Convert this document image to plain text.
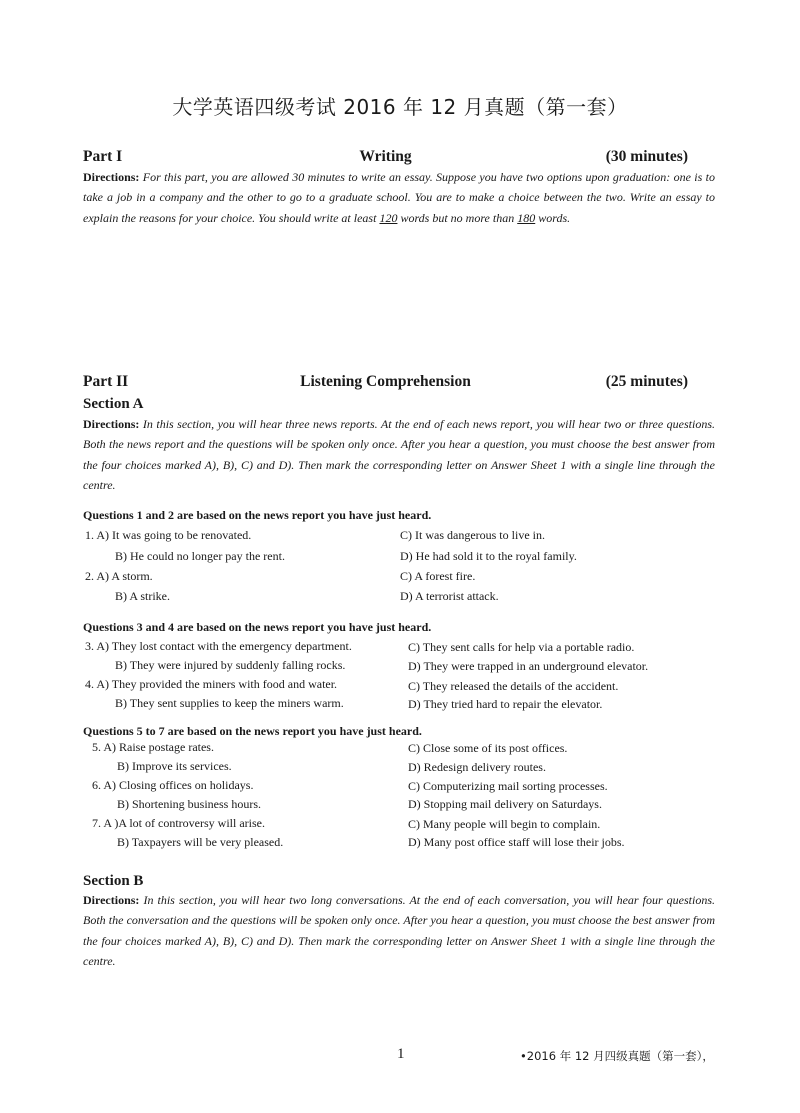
大学英语四级考试 2016 年 12 月真题（第一套）
Part I	Writing	(30 minutes)
Directions: For this part, you are allowed 30 minutes to write an essay. Suppose you have two options upon graduation: one is to take a job in a company and the other to go to a graduate school. You are to make a choice between the two. Write an essay to explain the reasons for your choice. You should write at least 120 words but no more than 180 words.
Part II	Listening Comprehension	(25 minutes)
Section A
Directions: In this section, you will hear three news reports. At the end of each news report, you will hear two or three questions. Both the news report and the questions will be spoken only once. After you hear a question, you must choose the best answer from the four choices marked A), B), C) and D). Then mark the corresponding letter on Answer Sheet 1 with a single line through the centre.
Questions 1 and 2 are based on the news report you have just heard.
1. A) It was going to be renovated.	C) It was dangerous to live in.
B) He could no longer pay the rent.	D) He had sold it to the royal family.
2. A) A storm.	C) A forest fire.
B) A strike.	D) A terrorist attack.
Questions 3 and 4 are based on the news report you have just heard.
3. A) They lost contact with the emergency department.	C) They sent calls for help via a portable radio.
B) They were injured by suddenly falling rocks.	D) They were trapped in an underground elevator.
4. A) They provided the miners with food and water.	C) They released the details of the accident.
B) They sent supplies to keep the miners warm.	D) They tried hard to repair the elevator.
Questions 5 to 7 are based on the news report you have just heard.
5. A) Raise postage rates.	C) Close some of its post offices.
B) Improve its services.	D) Redesign delivery routes.
6. A) Closing offices on holidays.	C) Computerizing mail sorting processes.
B) Shortening business hours.	D) Stopping mail delivery on Saturdays.
7. A )A lot of controversy will arise.	C) Many people will begin to complain.
B) Taxpayers will be very pleased.	D) Many post office staff will lose their jobs.
Section B
Directions: In this section, you will hear two long conversations. At the end of each conversation, you will hear four questions. Both the conversation and the questions will be spoken only once. After you hear a question, you must choose the best answer from the four choices marked A), B), C) and D). Then mark the corresponding letter on Answer Sheet 1 with a single line through the centre.
1	•2016 年 12 月四级真题（第一套），
